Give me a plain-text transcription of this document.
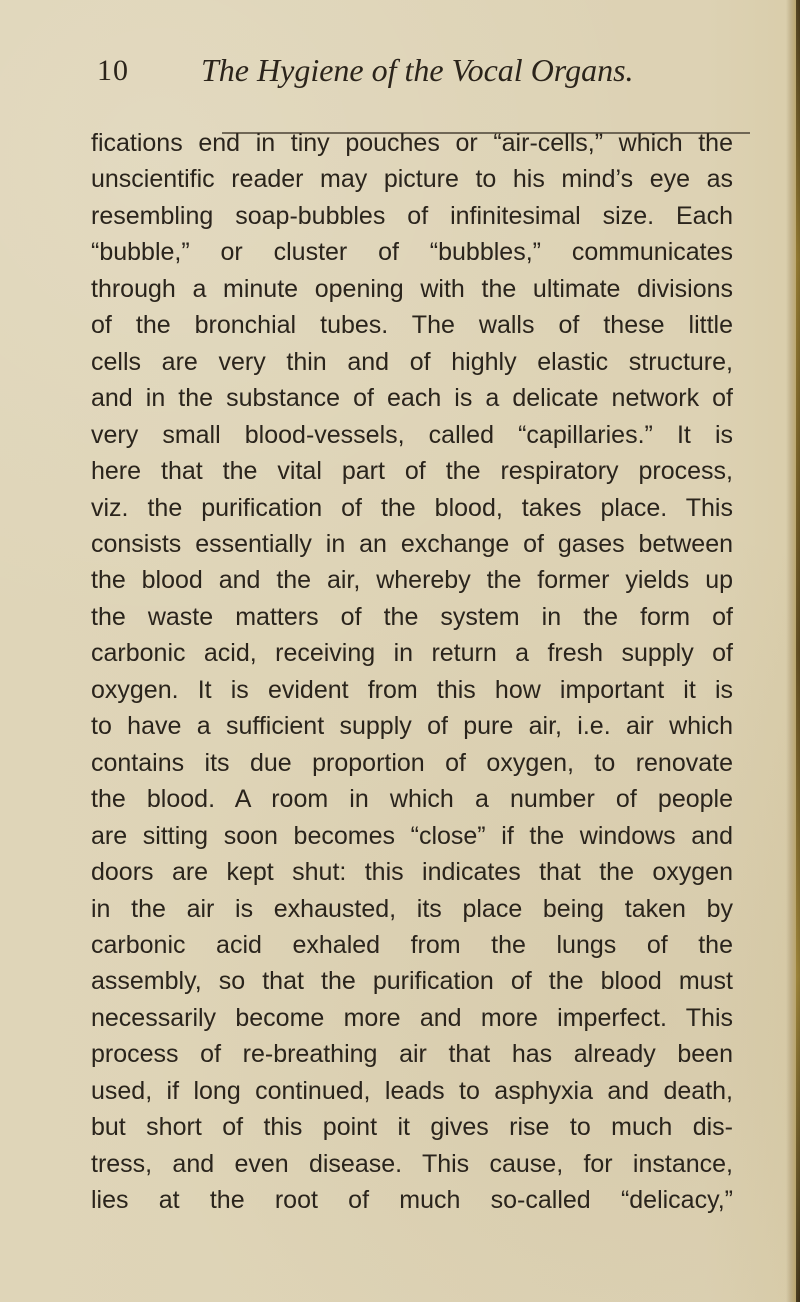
10 The Hygiene of the Vocal Organs.
fications end in tiny pouches or “air-cells,” which the
unscientific reader may picture to his mind’s eye as
resembling soap-bubbles of infinitesimal size. Each
“bubble,” or cluster of “bubbles,” communicates
through a minute opening with the ultimate divisions
of the bronchial tubes. The walls of these little
cells are very thin and of highly elastic structure,
and in the substance of each is a delicate network of
very small blood-vessels, called “capillaries.” It is
here that the vital part of the respiratory process,
viz. the purification of the blood, takes place. This
consists essentially in an exchange of gases between
the blood and the air, whereby the former yields up
the waste matters of the system in the form of
carbonic acid, receiving in return a fresh supply of
oxygen. It is evident from this how important it is
to have a sufficient supply of pure air, i.e. air which
contains its due proportion of oxygen, to renovate
the blood. A room in which a number of people
are sitting soon becomes “close” if the windows and
doors are kept shut: this indicates that the oxygen
in the air is exhausted, its place being taken by
carbonic acid exhaled from the lungs of the
assembly, so that the purification of the blood must
necessarily become more and more imperfect. This
process of re-breathing air that has already been
used, if long continued, leads to asphyxia and death,
but short of this point it gives rise to much dis-
tress, and even disease. This cause, for instance,
lies at the root of much so-called “delicacy,”
